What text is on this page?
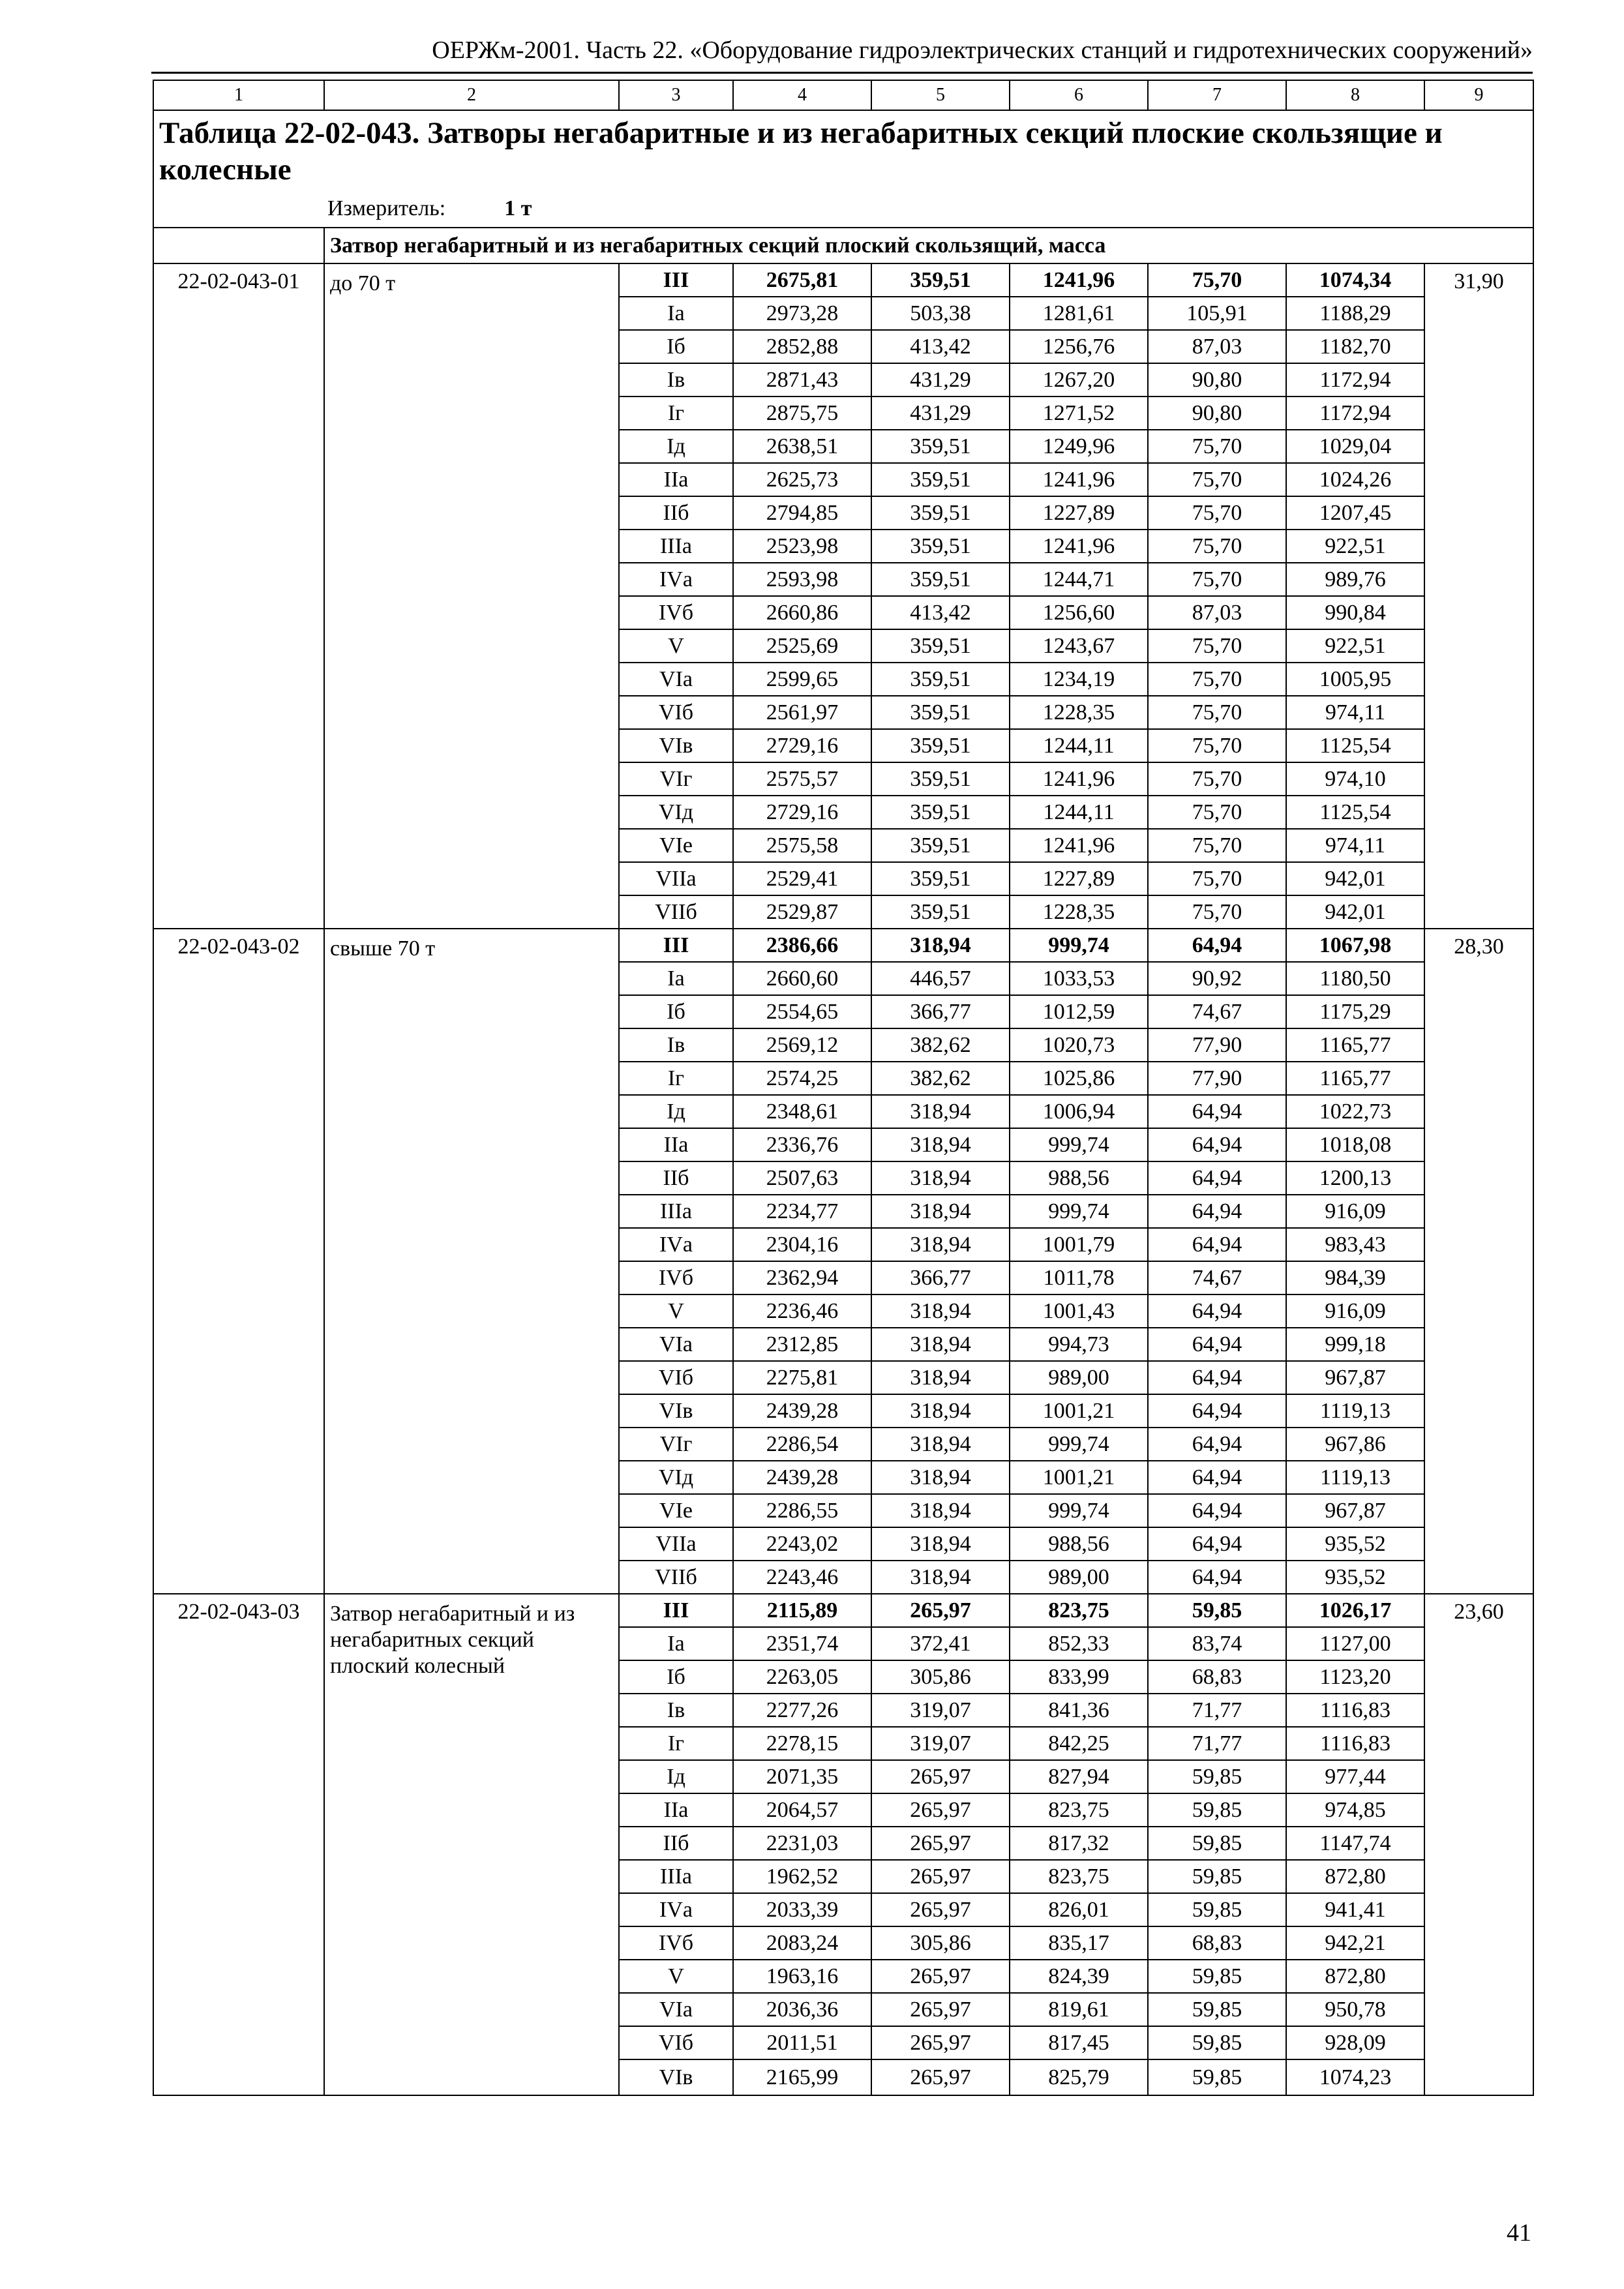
ОЕРЖм-2001. Часть 22. «Оборудование гидроэлектрических станций и гидротехнических сооружений»
1	2	3	4	5	6	7	8	9

Таблица 22-02-043. Затворы негабаритные и из негабаритных секций плоские скользящие и колесные
Измеритель: 1 т								

	Затвор негабаритный и из негабаритных секций плоский скользящий, масса							
22-02-043-01	до 70 т	III	2675,81	359,51	1241,96	75,70	1074,34	31,90
		Iа	2973,28	503,38	1281,61	105,91	1188,29	
		Iб	2852,88	413,42	1256,76	87,03	1182,70	
		Iв	2871,43	431,29	1267,20	90,80	1172,94	
		Iг	2875,75	431,29	1271,52	90,80	1172,94	
		Iд	2638,51	359,51	1249,96	75,70	1029,04	
		IIа	2625,73	359,51	1241,96	75,70	1024,26	
		IIб	2794,85	359,51	1227,89	75,70	1207,45	
		IIIа	2523,98	359,51	1241,96	75,70	922,51	
		IVа	2593,98	359,51	1244,71	75,70	989,76	
		IVб	2660,86	413,42	1256,60	87,03	990,84	
		V	2525,69	359,51	1243,67	75,70	922,51	
		VIа	2599,65	359,51	1234,19	75,70	1005,95	
		VIб	2561,97	359,51	1228,35	75,70	974,11	
		VIв	2729,16	359,51	1244,11	75,70	1125,54	
		VIг	2575,57	359,51	1241,96	75,70	974,10	
		VIд	2729,16	359,51	1244,11	75,70	1125,54	
		VIе	2575,58	359,51	1241,96	75,70	974,11	
		VIIа	2529,41	359,51	1227,89	75,70	942,01	
		VIIб	2529,87	359,51	1228,35	75,70	942,01	
22-02-043-02	свыше 70 т	III	2386,66	318,94	999,74	64,94	1067,98	28,30
		Iа	2660,60	446,57	1033,53	90,92	1180,50	
		Iб	2554,65	366,77	1012,59	74,67	1175,29	
		Iв	2569,12	382,62	1020,73	77,90	1165,77	
		Iг	2574,25	382,62	1025,86	77,90	1165,77	
		Iд	2348,61	318,94	1006,94	64,94	1022,73	
		IIа	2336,76	318,94	999,74	64,94	1018,08	
		IIб	2507,63	318,94	988,56	64,94	1200,13	
		IIIа	2234,77	318,94	999,74	64,94	916,09	
		IVа	2304,16	318,94	1001,79	64,94	983,43	
		IVб	2362,94	366,77	1011,78	74,67	984,39	
		V	2236,46	318,94	1001,43	64,94	916,09	
		VIа	2312,85	318,94	994,73	64,94	999,18	
		VIб	2275,81	318,94	989,00	64,94	967,87	
		VIв	2439,28	318,94	1001,21	64,94	1119,13	
		VIг	2286,54	318,94	999,74	64,94	967,86	
		VIд	2439,28	318,94	1001,21	64,94	1119,13	
		VIе	2286,55	318,94	999,74	64,94	967,87	
		VIIа	2243,02	318,94	988,56	64,94	935,52	
		VIIб	2243,46	318,94	989,00	64,94	935,52	
22-02-043-03	Затвор негабаритный и из негабаритных секций плоский колесный	III	2115,89	265,97	823,75	59,85	1026,17	23,60
		Iа	2351,74	372,41	852,33	83,74	1127,00	
		Iб	2263,05	305,86	833,99	68,83	1123,20	
		Iв	2277,26	319,07	841,36	71,77	1116,83	
		Iг	2278,15	319,07	842,25	71,77	1116,83	
		Iд	2071,35	265,97	827,94	59,85	977,44	
		IIа	2064,57	265,97	823,75	59,85	974,85	
		IIб	2231,03	265,97	817,32	59,85	1147,74	
		IIIа	1962,52	265,97	823,75	59,85	872,80	
		IVа	2033,39	265,97	826,01	59,85	941,41	
		IVб	2083,24	305,86	835,17	68,83	942,21	
		V	1963,16	265,97	824,39	59,85	872,80	
		VIа	2036,36	265,97	819,61	59,85	950,78	
		VIб	2011,51	265,97	817,45	59,85	928,09	
		VIв	2165,99	265,97	825,79	59,85	1074,23	
41
